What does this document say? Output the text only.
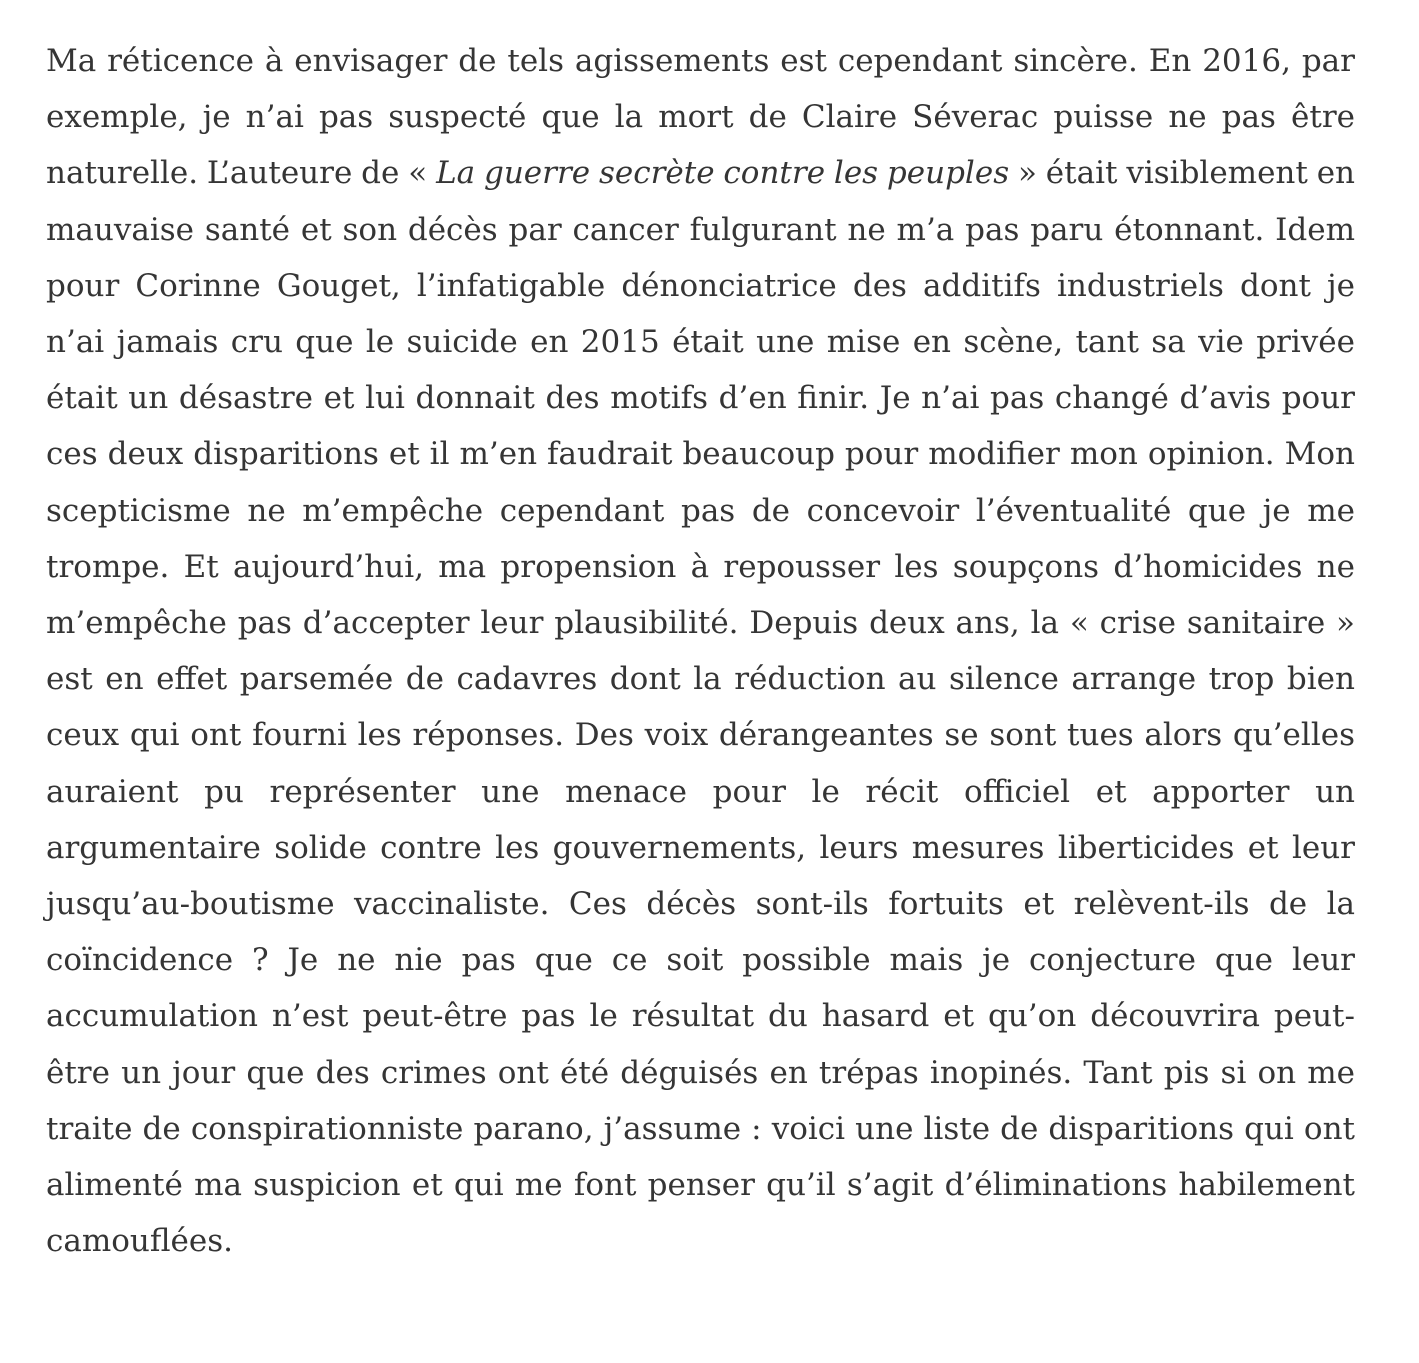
Ma réticence à envisager de tels agissements est cependant sincère. En 2016, par exemple, je n’ai pas suspecté que la mort de Claire Séverac puisse ne pas être naturelle. L’auteure de « La guerre secrète contre les peuples » était visiblement en mauvaise santé et son décès par cancer fulgurant ne m’a pas paru étonnant. Idem pour Corinne Gouget, l’infatigable dénonciatrice des additifs industriels dont je n’ai jamais cru que le suicide en 2015 était une mise en scène, tant sa vie privée était un désastre et lui donnait des motifs d’en finir. Je n’ai pas changé d’avis pour ces deux disparitions et il m’en faudrait beaucoup pour modifier mon opinion. Mon scepticisme ne m’empêche cependant pas de concevoir l’éventualité que je me trompe. Et aujourd’hui, ma propension à repousser les soupçons d’homicides ne m’empêche pas d’accepter leur plausibilité. Depuis deux ans, la « crise sanitaire » est en effet parsemée de cadavres dont la réduction au silence arrange trop bien ceux qui ont fourni les réponses. Des voix dérangeantes se sont tues alors qu’elles auraient pu représenter une menace pour le récit officiel et apporter un argumentaire solide contre les gouvernements, leurs mesures liberticides et leur jusqu’au-boutisme vaccinaliste. Ces décès sont-ils fortuits et relèvent-ils de la coïncidence ? Je ne nie pas que ce soit possible mais je conjecture que leur accumulation n’est peut-être pas le résultat du hasard et qu’on découvrira peut-être un jour que des crimes ont été déguisés en trépas inopinés. Tant pis si on me traite de conspirationniste parano, j’assume : voici une liste de disparitions qui ont alimenté ma suspicion et qui me font penser qu’il s’agit d’éliminations habilement camouflées.
